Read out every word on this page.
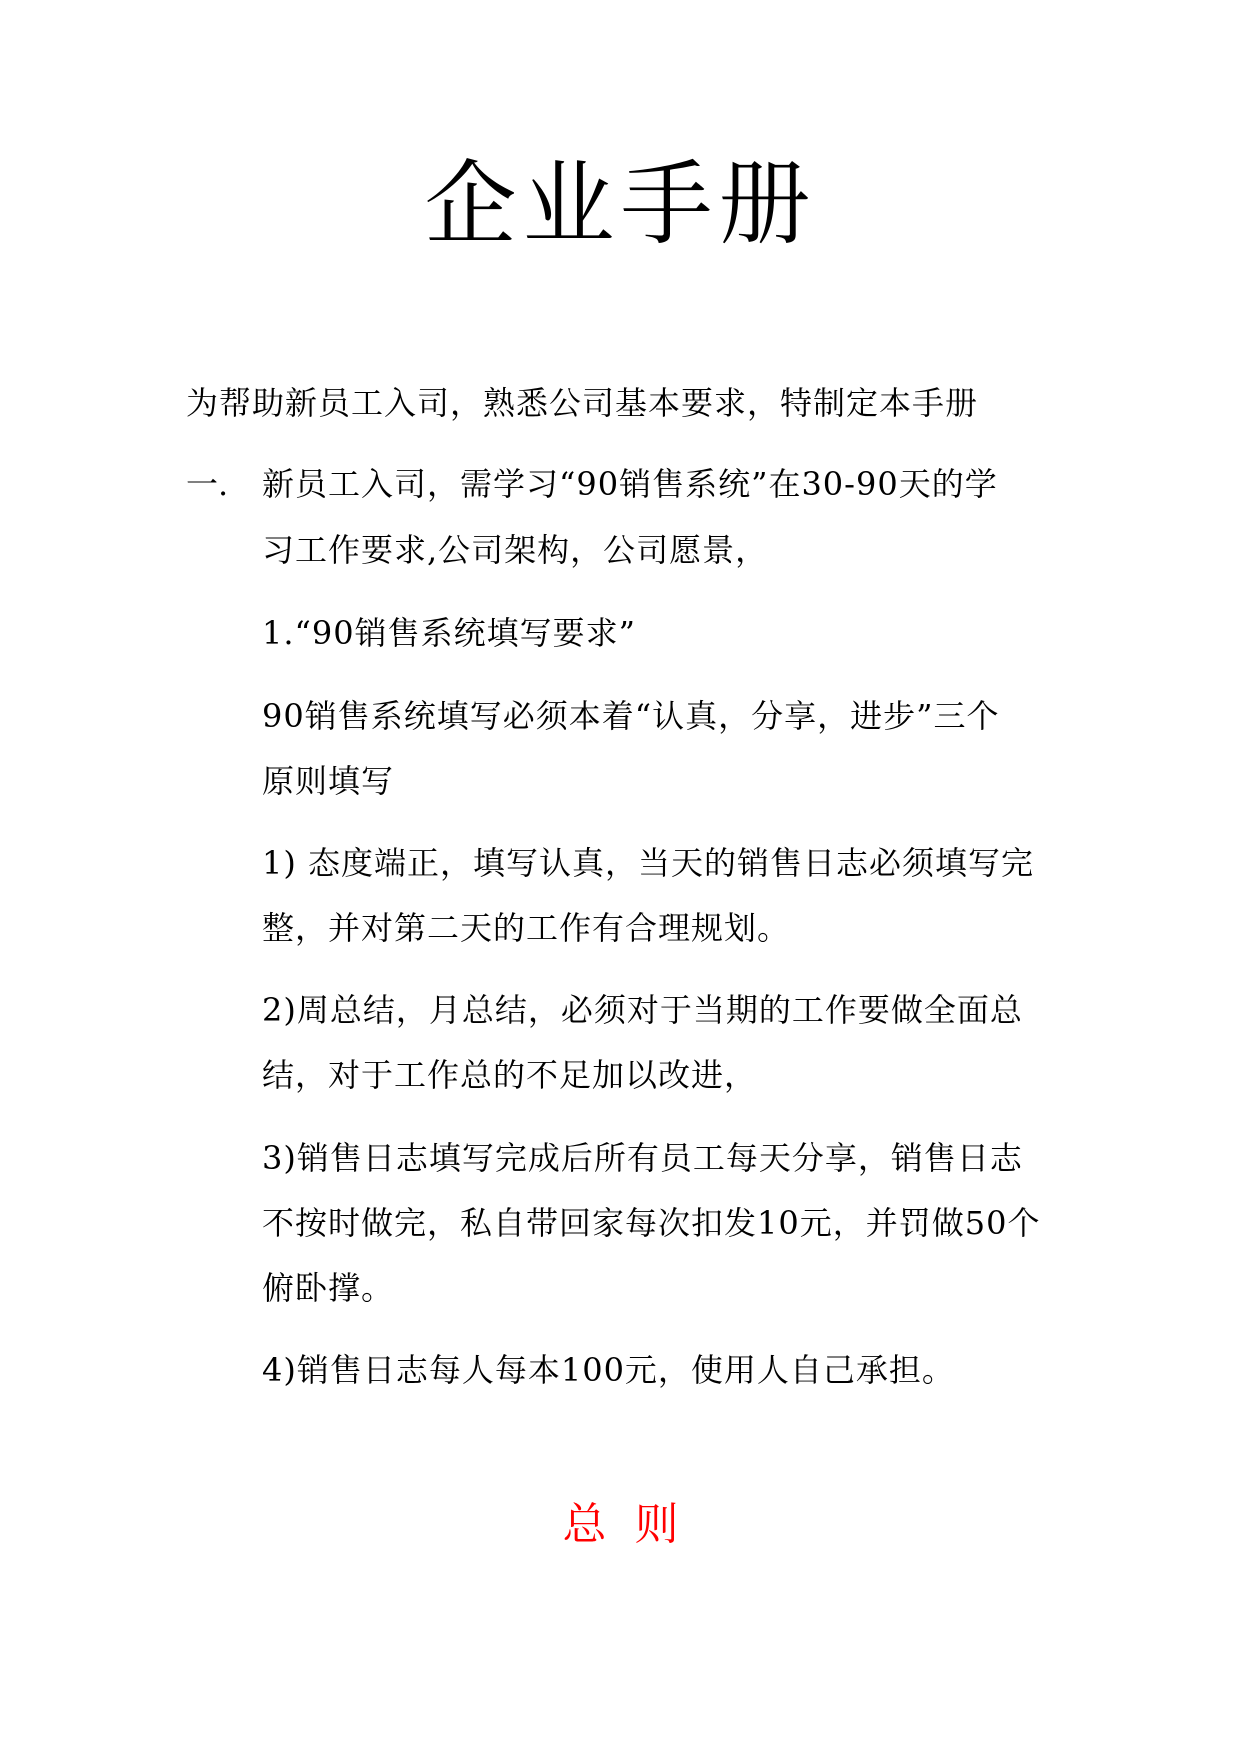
企业手册
为帮助新员工入司，熟悉公司基本要求，特制定本手册
一. 新员工入司，需学习“90销售系统”在30-90天的学
习工作要求,公司架构，公司愿景，
1.“90销售系统填写要求”
90销售系统填写必须本着“认真，分享，进步”三个
原则填写
1) 态度端正，填写认真，当天的销售日志必须填写完
整，并对第二天的工作有合理规划。
2)周总结，月总结，必须对于当期的工作要做全面总
结，对于工作总的不足加以改进，
3)销售日志填写完成后所有员工每天分享，销售日志
不按时做完，私自带回家每次扣发10元，并罚做50个
俯卧撑。
4)销售日志每人每本100元，使用人自己承担。
总  则
